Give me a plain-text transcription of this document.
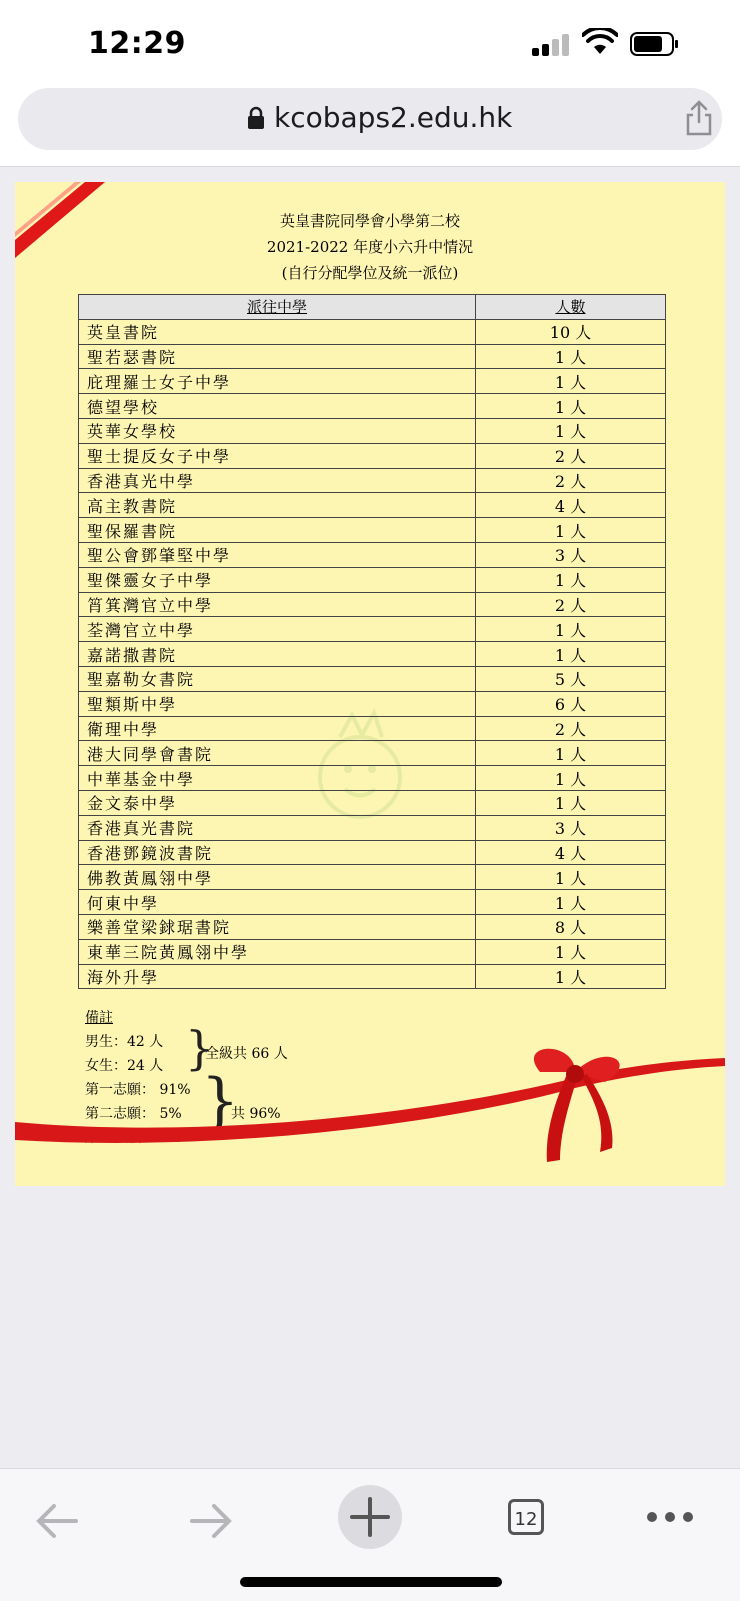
12:29
kcobaps2.edu.hk
英皇書院同學會小學第二校
2021-2022 年度小六升中情況
(自行分配學位及統一派位)
派往中學	人數
英皇書院	10 人
聖若瑟書院	1 人
庇理羅士女子中學	1 人
德望學校	1 人
英華女學校	1 人
聖士提反女子中學	2 人
香港真光中學	2 人
高主教書院	4 人
聖保羅書院	1 人
聖公會鄧肇堅中學	3 人
聖傑靈女子中學	1 人
筲箕灣官立中學	2 人
荃灣官立中學	1 人
嘉諾撒書院	1 人
聖嘉勒女書院	5 人
聖類斯中學	6 人
衛理中學	2 人
港大同學會書院	1 人
中華基金中學	1 人
金文泰中學	1 人
香港真光書院	3 人
香港鄧鏡波書院	4 人
佛教黃鳳翎中學	1 人
何東中學	1 人
樂善堂梁銶琚書院	8 人
東華三院黃鳳翎中學	1 人
海外升學	1 人
備註
男生：42 人
女生：24 人 }
全級共 66 人
第一志願： 91%
第二志願： 5% }
共 96%
12
